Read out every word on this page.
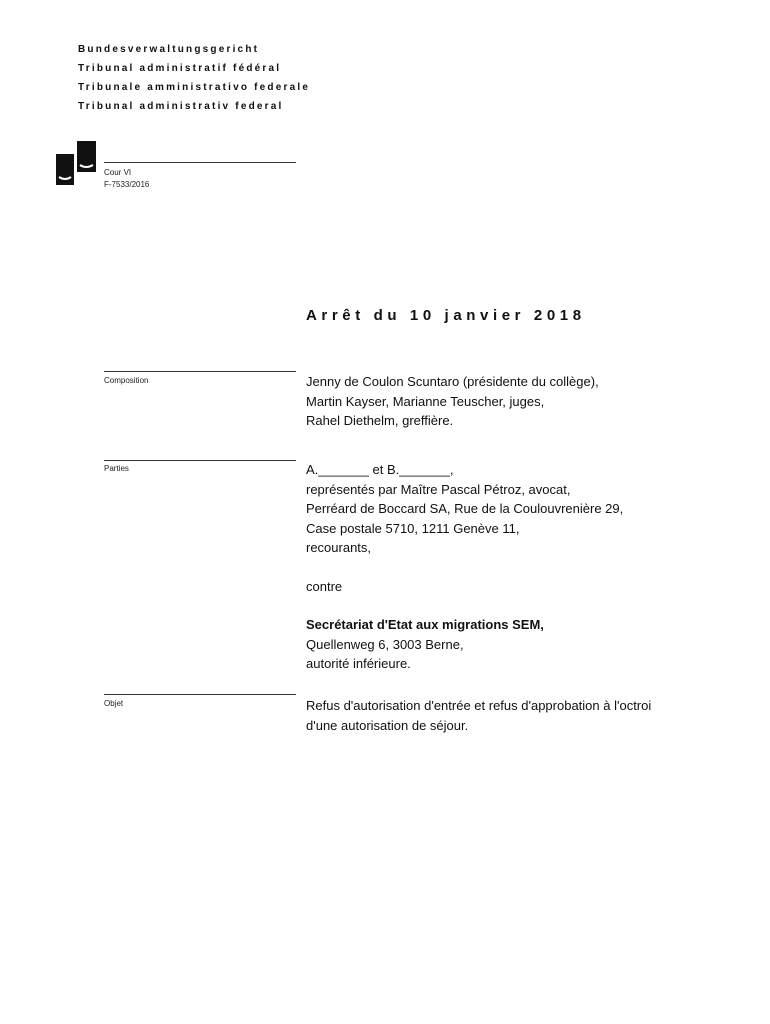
Bundesverwaltungsgericht
Tribunal administratif fédéral
Tribunale amministrativo federale
Tribunal administrativ federal
Cour VI
F-7533/2016
Arrêt du 10 janvier 2018
Composition	Jenny de Coulon Scuntaro (présidente du collège),
Martin Kayser, Marianne Teuscher, juges,
Rahel Diethelm, greffière.
Parties	A._______ et B._______,
représentés par Maître Pascal Pétroz, avocat,
Perréard de Boccard SA, Rue de la Coulouvrenière 29,
Case postale 5710, 1211 Genève 11,
recourants,
contre
Secrétariat d'Etat aux migrations SEM,
Quellenweg 6, 3003 Berne,
autorité inférieure.
Objet	Refus d'autorisation d'entrée et refus d'approbation à l'octroi
d'une autorisation de séjour.
